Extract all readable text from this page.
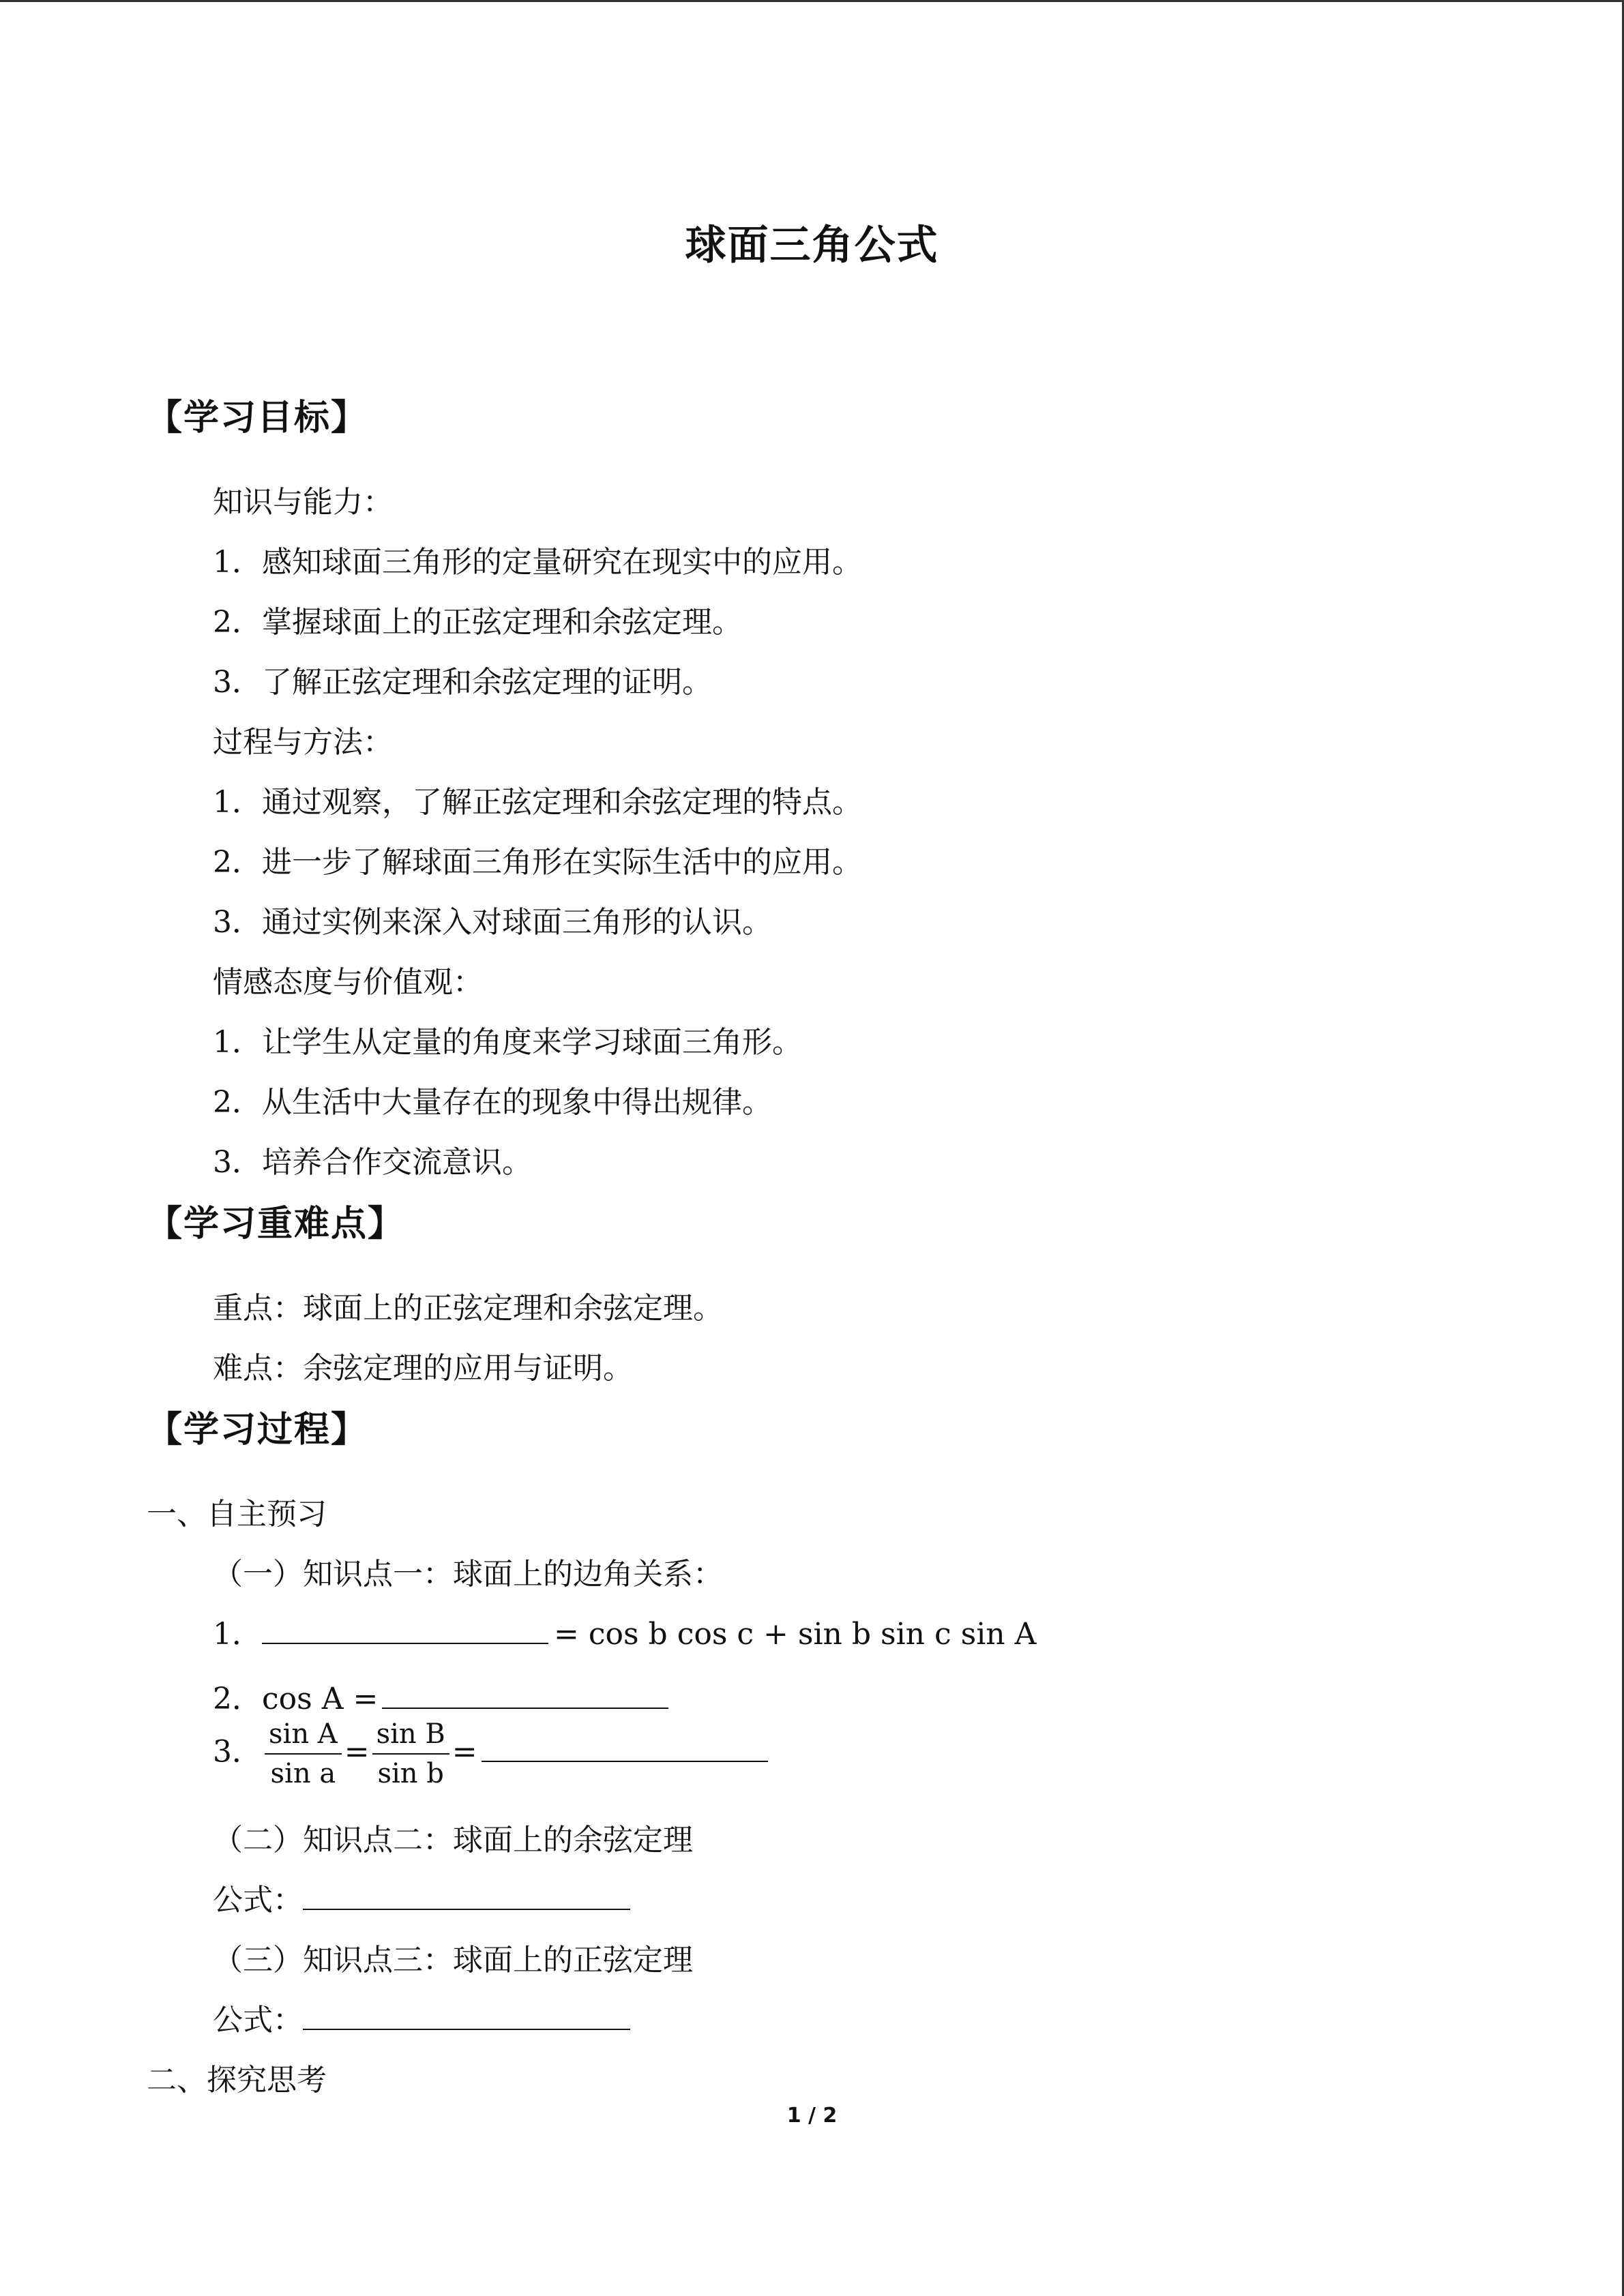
球面三角公式
【学习目标】
知识与能力：
1．感知球面三角形的定量研究在现实中的应用。
2．掌握球面上的正弦定理和余弦定理。
3．了解正弦定理和余弦定理的证明。
过程与方法：
1．通过观察，了解正弦定理和余弦定理的特点。
2．进一步了解球面三角形在实际生活中的应用。
3．通过实例来深入对球面三角形的认识。
情感态度与价值观：
1．让学生从定量的角度来学习球面三角形。
2．从生活中大量存在的现象中得出规律。
3．培养合作交流意识。
【学习重难点】
重点：球面上的正弦定理和余弦定理。
难点：余弦定理的应用与证明。
【学习过程】
一、自主预习
（一）知识点一：球面上的边角关系：
1．	= cos b cos c + sin b sin c sin A
2．cos A =
3． $\frac{\text{sin A}}{\text{sin a}} = \frac{\text{sin B}}{\text{sin b}}$ =
（二）知识点二：球面上的余弦定理
公式：
（三）知识点三：球面上的正弦定理
公式：
二、探究思考
1 / 2
